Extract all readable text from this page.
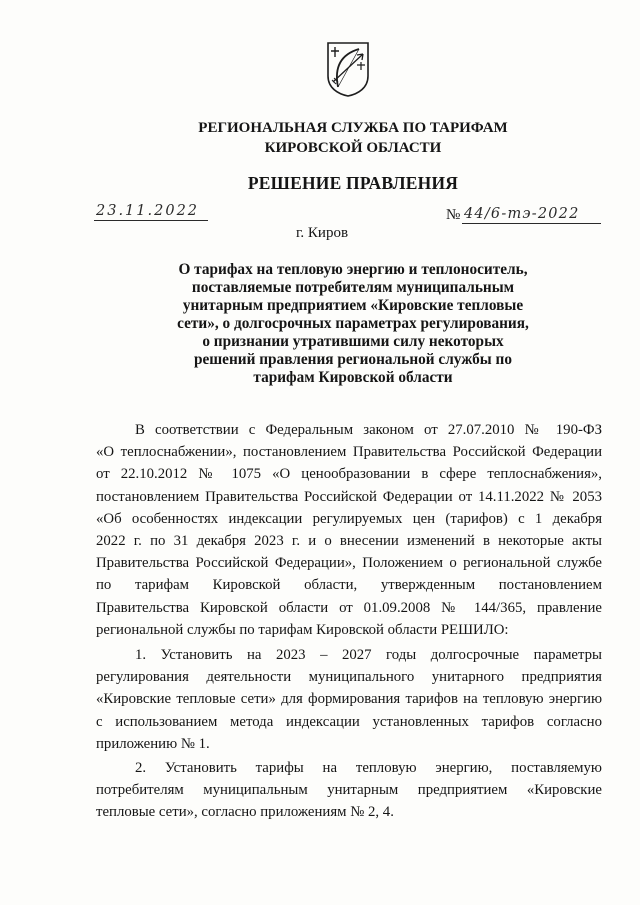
РЕГИОНАЛЬНАЯ СЛУЖБА ПО ТАРИФАМ
КИРОВСКОЙ ОБЛАСТИ
РЕШЕНИЕ ПРАВЛЕНИЯ
23.11.2022	№ 44/6-тэ-2022
г. Киров
О тарифах на тепловую энергию и теплоноситель,
поставляемые потребителям муниципальным
унитарным предприятием «Кировские тепловые
сети», о долгосрочных параметрах регулирования,
о признании утратившими силу некоторых
решений правления региональной службы по
тарифам Кировской области
В соответствии с Федеральным законом от 27.07.2010 № 190-ФЗ
«О теплоснабжении», постановлением Правительства Российской Федерации
от 22.10.2012 № 1075 «О ценообразовании в сфере теплоснабжения»,
постановлением Правительства Российской Федерации от 14.11.2022 № 2053
«Об особенностях индексации регулируемых цен (тарифов) с 1 декабря
2022 г. по 31 декабря 2023 г. и о внесении изменений в некоторые акты
Правительства Российской Федерации», Положением о региональной службе
по тарифам Кировской области, утвержденным постановлением
Правительства Кировской области от 01.09.2008 № 144/365, правление
региональной службы по тарифам Кировской области РЕШИЛО:
1. Установить на 2023 – 2027 годы долгосрочные параметры
регулирования деятельности муниципального унитарного предприятия
«Кировские тепловые сети» для формирования тарифов на тепловую энергию
с использованием метода индексации установленных тарифов согласно
приложению № 1.
2. Установить тарифы на тепловую энергию, поставляемую
потребителям муниципальным унитарным предприятием «Кировские
тепловые сети», согласно приложениям № 2, 4.
